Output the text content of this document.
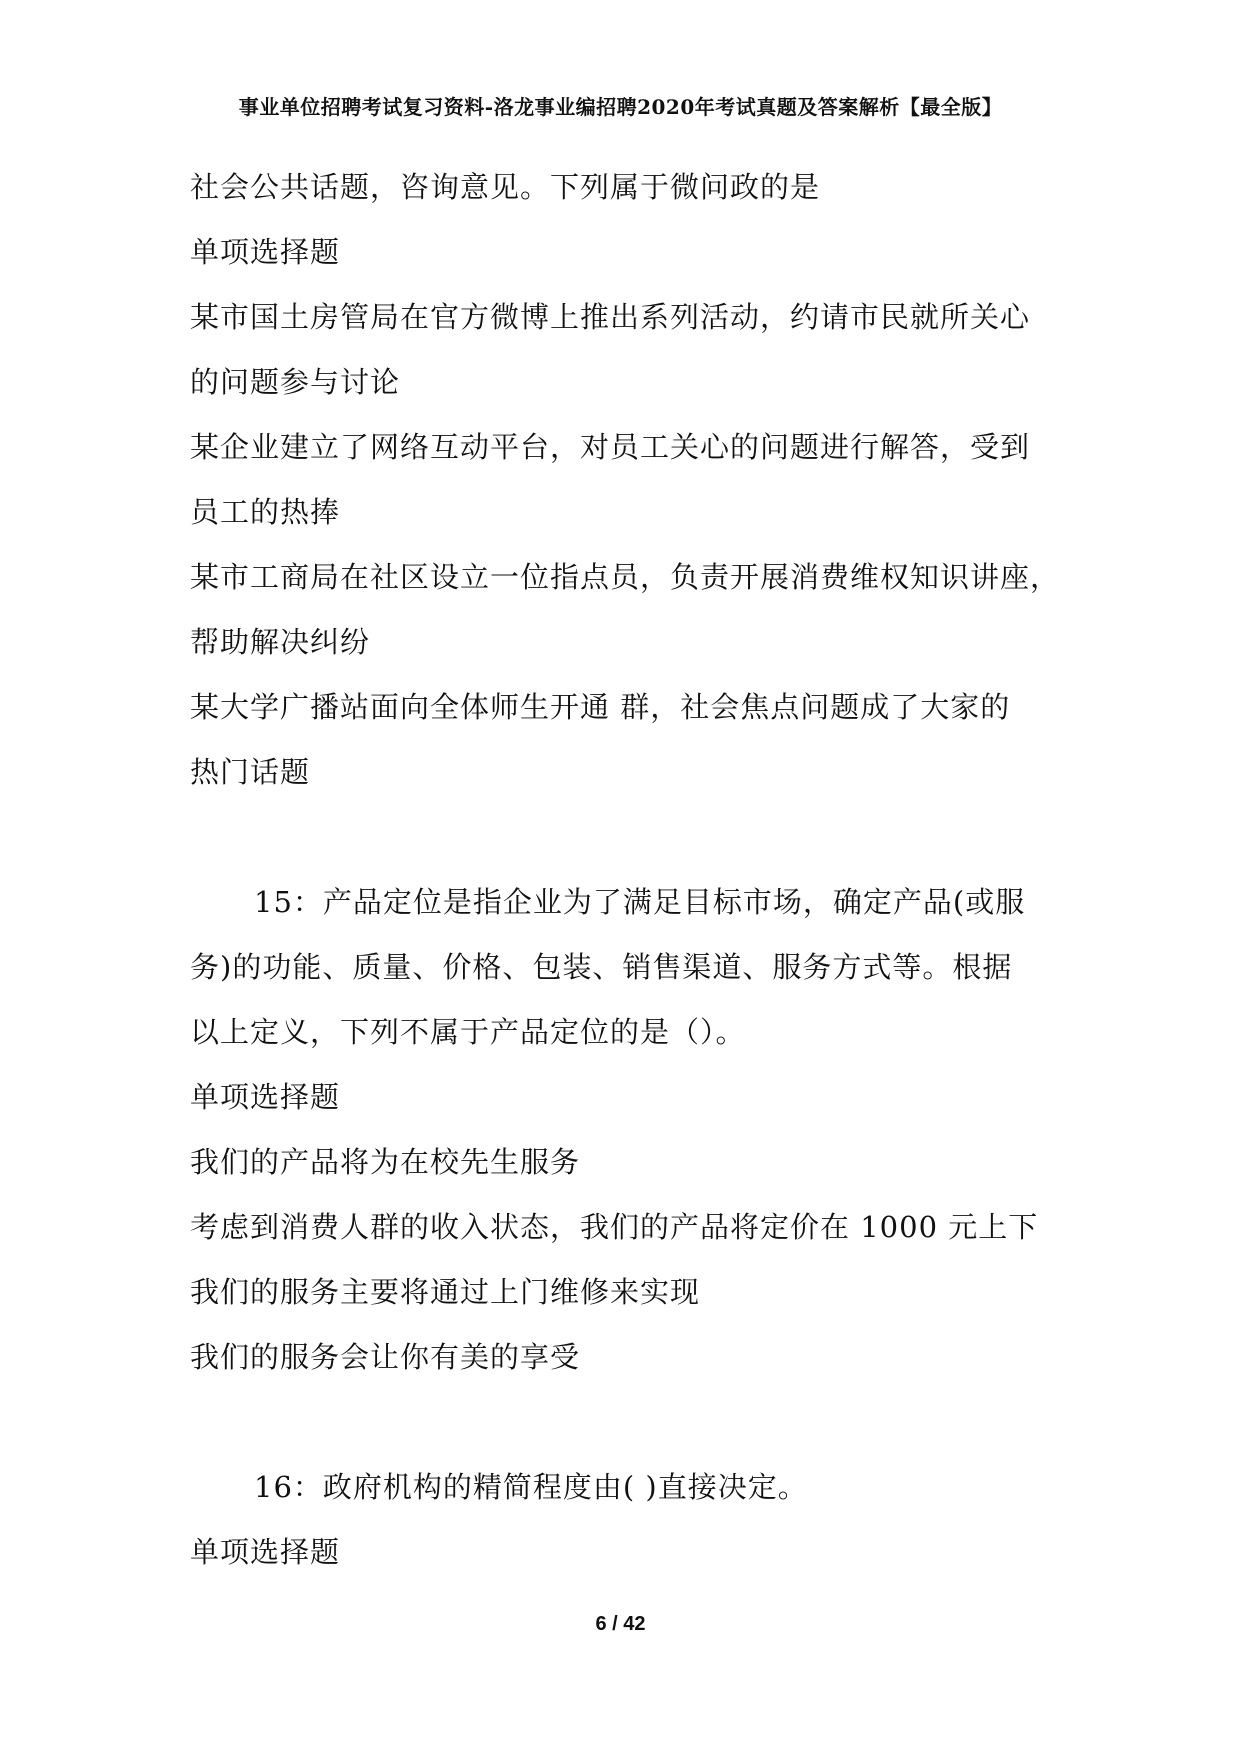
事业单位招聘考试复习资料-洛龙事业编招聘2020年考试真题及答案解析【最全版】
社会公共话题，咨询意见。下列属于微问政的是
单项选择题
某市国土房管局在官方微博上推出系列活动，约请市民就所关心
的问题参与讨论
某企业建立了网络互动平台，对员工关心的问题进行解答，受到
员工的热捧
某市工商局在社区设立一位指点员，负责开展消费维权知识讲座，
帮助解决纠纷
某大学广播站面向全体师生开通 群，社会焦点问题成了大家的
热门话题
15：产品定位是指企业为了满足目标市场，确定产品(或服
务)的功能、质量、价格、包装、销售渠道、服务方式等。根据
以上定义，下列不属于产品定位的是（）。
单项选择题
我们的产品将为在校先生服务
考虑到消费人群的收入状态，我们的产品将定价在 1000 元上下
我们的服务主要将通过上门维修来实现
我们的服务会让你有美的享受
16：政府机构的精简程度由( )直接决定。
单项选择题
6 / 42
